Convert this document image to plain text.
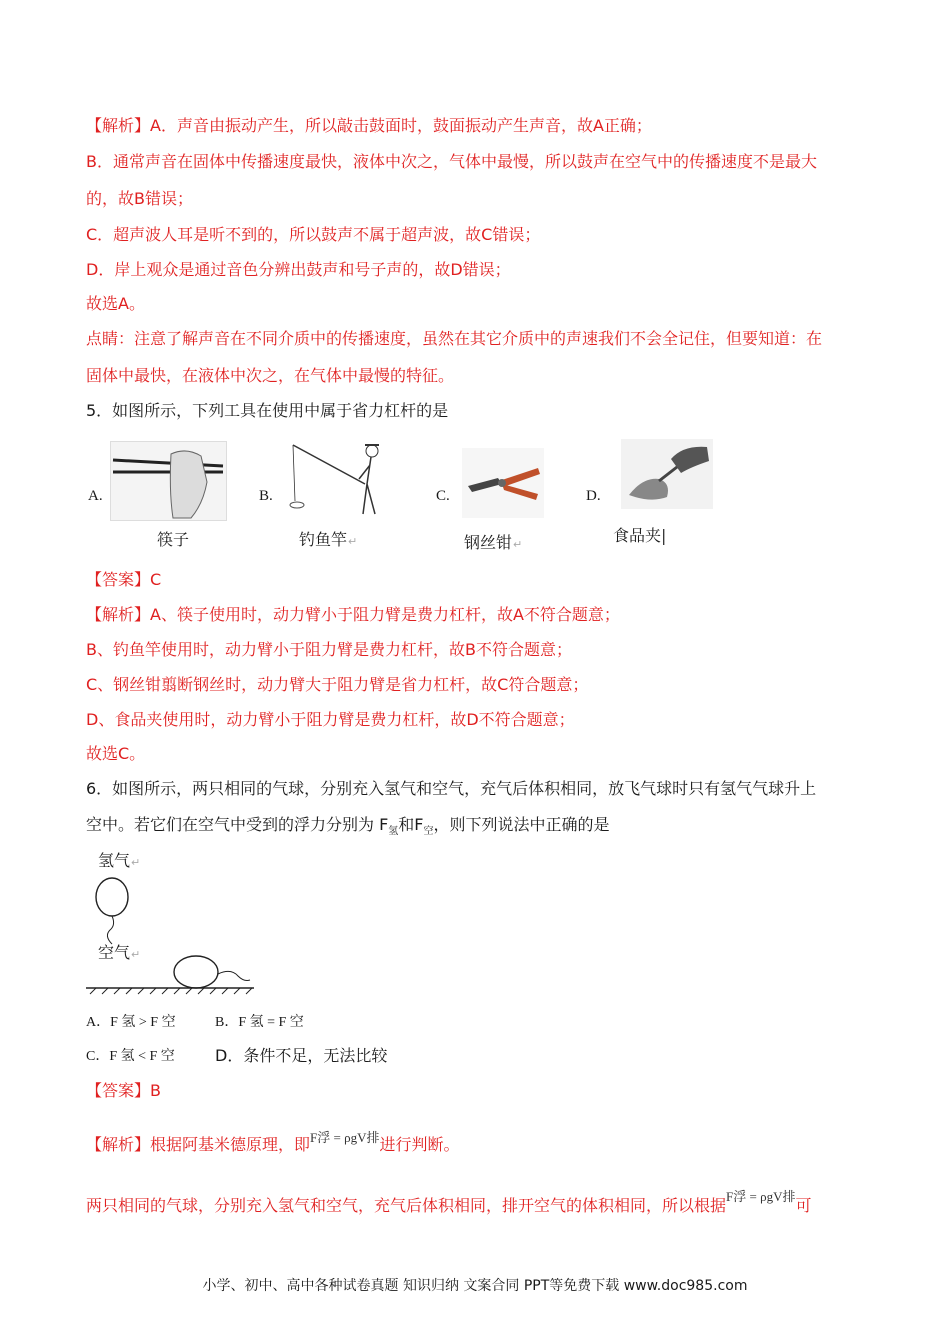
【解析】A．声音由振动产生，所以敲击鼓面时，鼓面振动产生声音，故A正确；
B．通常声音在固体中传播速度最快，液体中次之，气体中最慢，所以鼓声在空气中的传播速度不是最大
的，故B错误；
C．超声波人耳是听不到的，所以鼓声不属于超声波，故C错误；
D．岸上观众是通过音色分辨出鼓声和号子声的，故D错误；
故选A。
点睛：注意了解声音在不同介质中的传播速度，虽然在其它介质中的声速我们不会全记住，但要知道：在
固体中最快，在液体中次之，在气体中最慢的特征。
5．如图所示，下列工具在使用中属于省力杠杆的是
A.
筷子
B.
钓鱼竿↵
C.
钢丝钳↵
D.
食品夹|
【答案】C
【解析】A、筷子使用时，动力臂小于阻力臂是费力杠杆，故A不符合题意；
B、钓鱼竿使用时，动力臂小于阻力臂是费力杠杆，故B不符合题意；
C、钢丝钳翦断钢丝时，动力臂大于阻力臂是省力杠杆，故C符合题意；
D、食品夹使用时，动力臂小于阻力臂是费力杠杆，故D不符合题意；
故选C。
6．如图所示，两只相同的气球，分别充入氢气和空气，充气后体积相同，放飞气球时只有氢气气球升上
空中。若它们在空气中受到的浮力分别为 $F_氢$和$F_空$，则下列说法中正确的是
氢气↵
空气↵
A．F 氢 > F 空	B．F 氢 = F 空
C．F 氢 < F 空	D．条件不足，无法比较
【答案】B
【解析】根据阿基米德原理，即F浮 = ρgV排进行判断。
两只相同的气球，分别充入氢气和空气，充气后体积相同，排开空气的体积相同，所以根据F浮 = ρgV排可
小学、初中、高中各种试卷真题 知识归纳 文案合同 PPT等免费下载 www.doc985.com
